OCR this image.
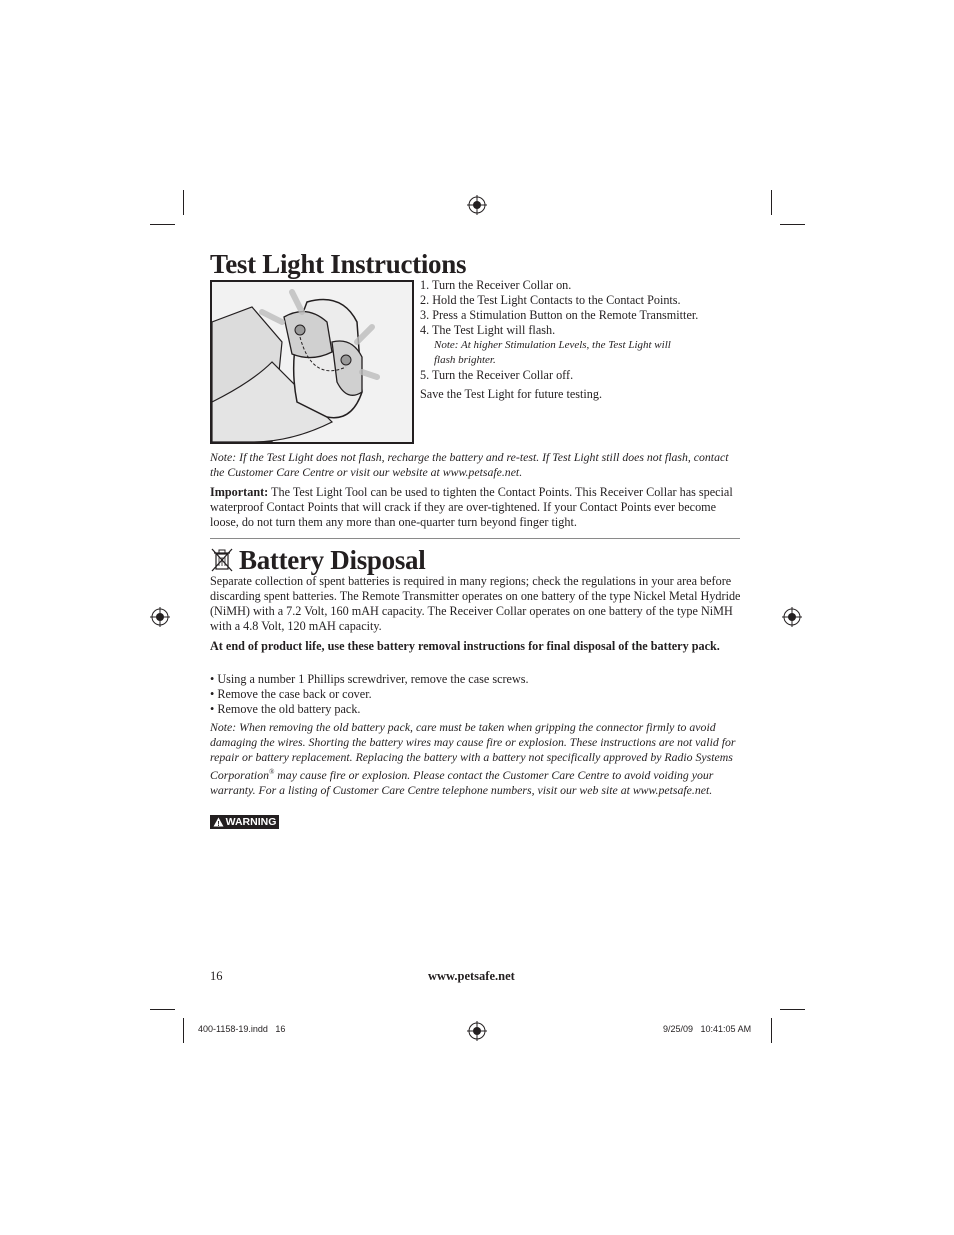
Test Light Instructions
1. Turn the Receiver Collar on.
2. Hold the Test Light Contacts to the Contact Points.
3. Press a Stimulation Button on the Remote Transmitter.
4. The Test Light will flash.
Note: At higher Stimulation Levels, the Test Light will
flash brighter.
5. Turn the Receiver Collar off.
Save the Test Light for future testing.
Note: If the Test Light does not flash, recharge the battery and re-test. If Test Light still does not flash, contact the Customer Care Centre or visit our website at www.petsafe.net.
Important: The Test Light Tool can be used to tighten the Contact Points. This Receiver Collar has special waterproof Contact Points that will crack if they are over-tightened. If your Contact Points ever become loose, do not turn them any more than one-quarter turn beyond finger tight.
Battery Disposal
Separate collection of spent batteries is required in many regions; check the regulations in your area before discarding spent batteries. The Remote Transmitter operates on one battery of the type Nickel Metal Hydride (NiMH) with a 7.2 Volt, 160 mAH capacity. The Receiver Collar operates on one battery of the type NiMH with a 4.8 Volt, 120 mAH capacity.
At end of product life, use these battery removal instructions for final disposal of the battery pack.
• Using a number 1 Phillips screwdriver, remove the case screws.
• Remove the case back or cover.
• Remove the old battery pack.
Note: When removing the old battery pack, care must be taken when gripping the connector firmly to avoid damaging the wires. Shorting the battery wires may cause fire or explosion. These instructions are not valid for repair or battery replacement. Replacing the battery with a battery not specifically approved by Radio Systems Corporation® may cause fire or explosion. Please contact the Customer Care Centre to avoid voiding your warranty. For a listing of Customer Care Centre telephone numbers, visit our web site at www.petsafe.net.
! WARNING
16	www.petsafe.net
400-1158-19.indd   16	9/25/09   10:41:05 AM
